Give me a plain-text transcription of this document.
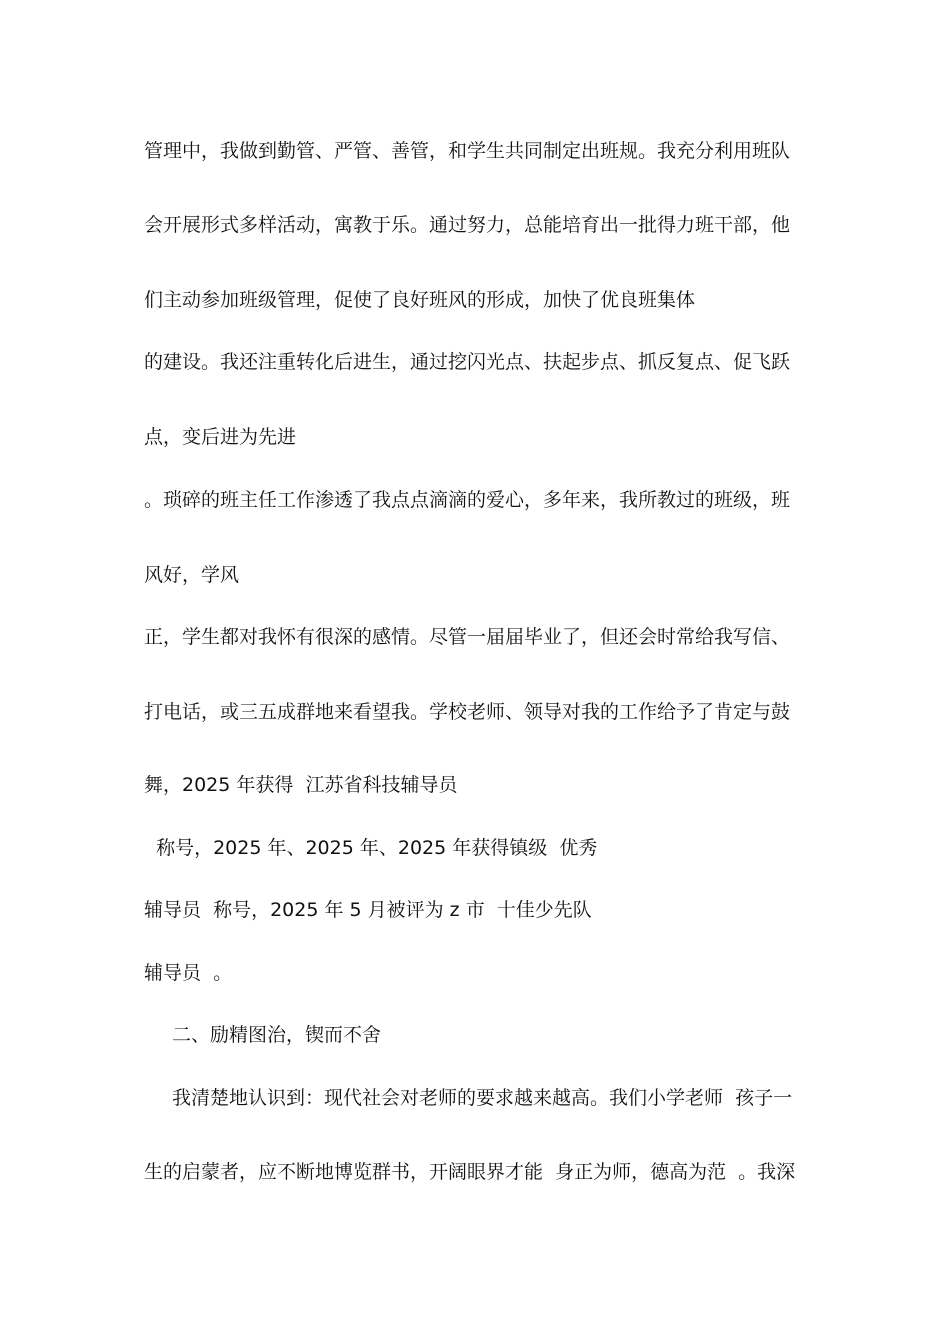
管理中，我做到勤管、严管、善管，和学生共同制定出班规。我充分利用班队
会开展形式多样活动，寓教于乐。通过努力，总能培育出一批得力班干部，他
们主动参加班级管理，促使了良好班风的形成，加快了优良班集体
的建设。我还注重转化后进生，通过挖闪光点、扶起步点、抓反复点、促飞跃
点，变后进为先进
。琐碎的班主任工作渗透了我点点滴滴的爱心，多年来，我所教过的班级，班
风好，学风
正，学生都对我怀有很深的感情。尽管一届届毕业了，但还会时常给我写信、
打电话，或三五成群地来看望我。学校老师、领导对我的工作给予了肯定与鼓
舞，2025 年获得  江苏省科技辅导员
称号，2025 年、2025 年、2025 年获得镇级  优秀
辅导员  称号，2025 年 5 月被评为 z 市  十佳少先队
辅导员  。
二、励精图治，锲而不舍
我清楚地认识到：现代社会对老师的要求越来越高。我们小学老师  孩子一
生的启蒙者，应不断地博览群书，开阔眼界才能  身正为师，德高为范  。我深
